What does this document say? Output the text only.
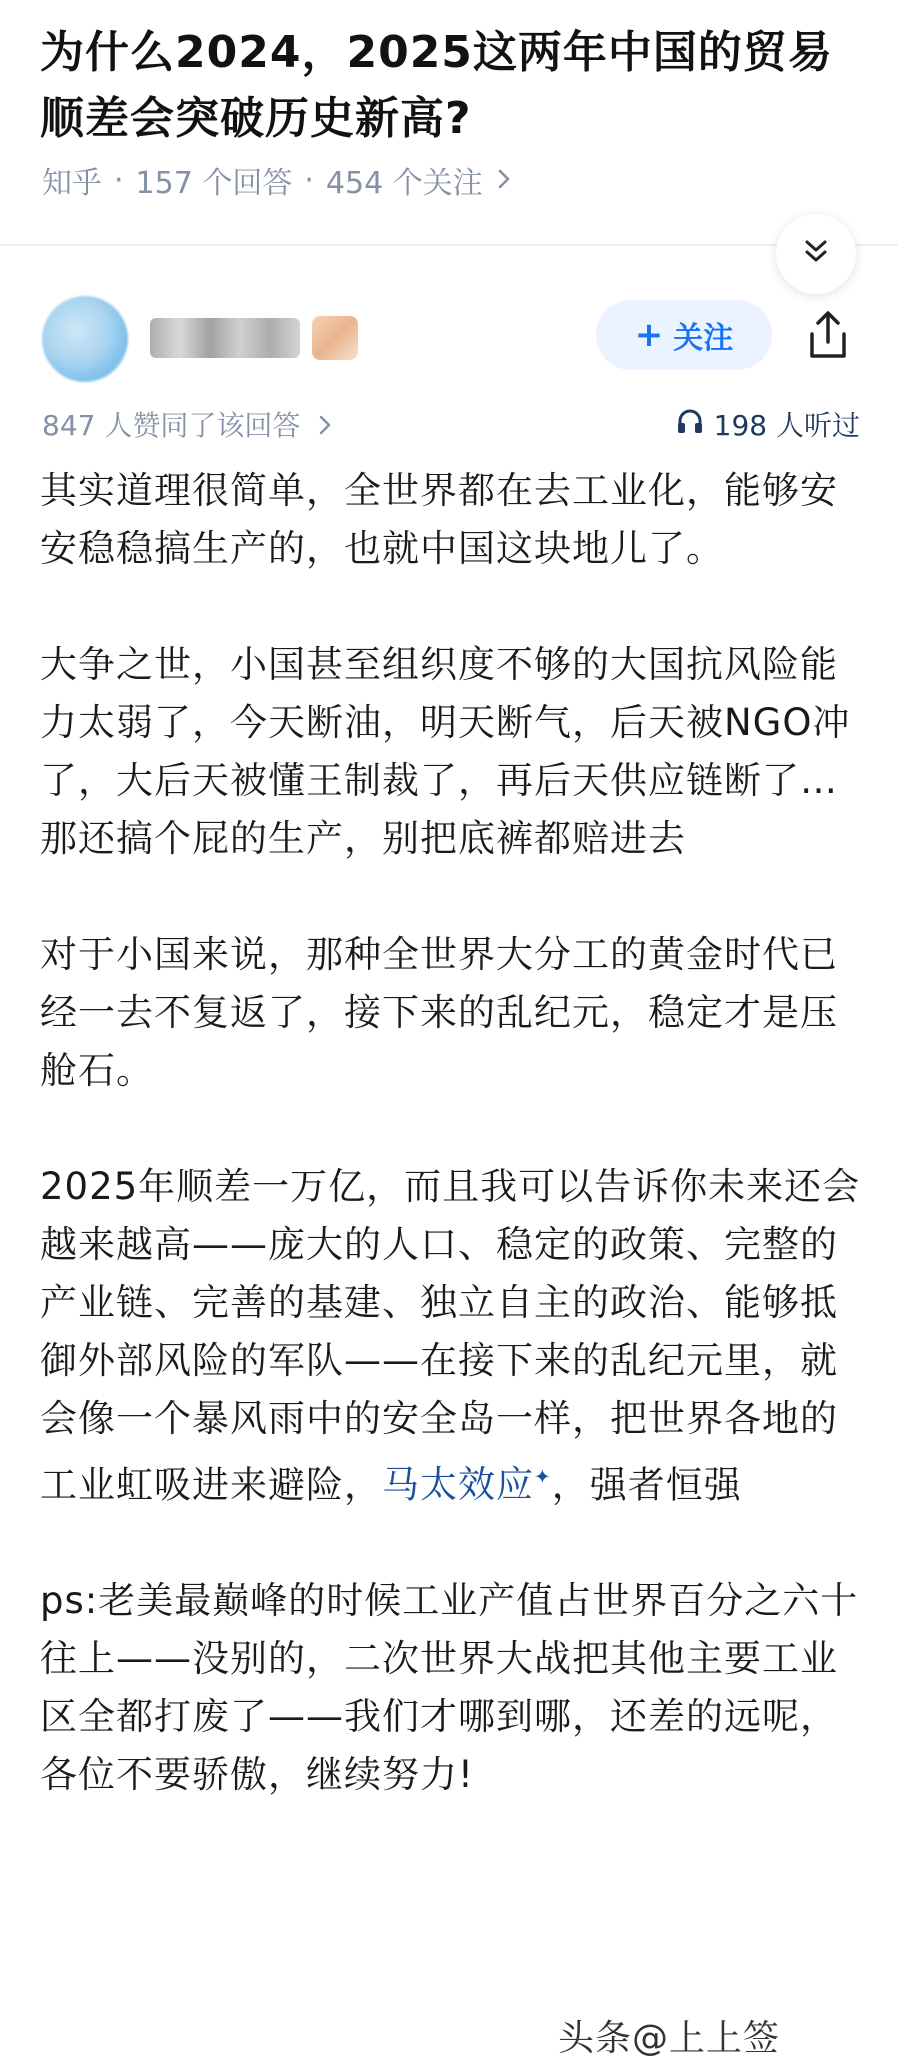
为什么2024，2025这两年中国的贸易顺差会突破历史新高?
知乎 · 157 个回答 · 454 个关注
+ 关注
847 人赞同了该回答	198 人听过

其实道理很简单，全世界都在去工业化，能够安安稳稳搞生产的，也就中国这块地儿了。

大争之世，小国甚至组织度不够的大国抗风险能力太弱了，今天断油，明天断气，后天被NGO冲了，大后天被懂王制裁了，再后天供应链断了…那还搞个屁的生产，别把底裤都赔进去

对于小国来说，那种全世界大分工的黄金时代已经一去不复返了，接下来的乱纪元，稳定才是压舱石。

2025年顺差一万亿，而且我可以告诉你未来还会越来越高——庞大的人口、稳定的政策、完整的产业链、完善的基建、独立自主的政治、能够抵御外部风险的军队——在接下来的乱纪元里，就会像一个暴风雨中的安全岛一样，把世界各地的工业虹吸进来避险，马太效应✦，强者恒强

ps:老美最巅峰的时候工业产值占世界百分之六十往上——没别的，二次世界大战把其他主要工业区全都打废了——我们才哪到哪，还差的远呢，各位不要骄傲，继续努力!

头条@上上签
